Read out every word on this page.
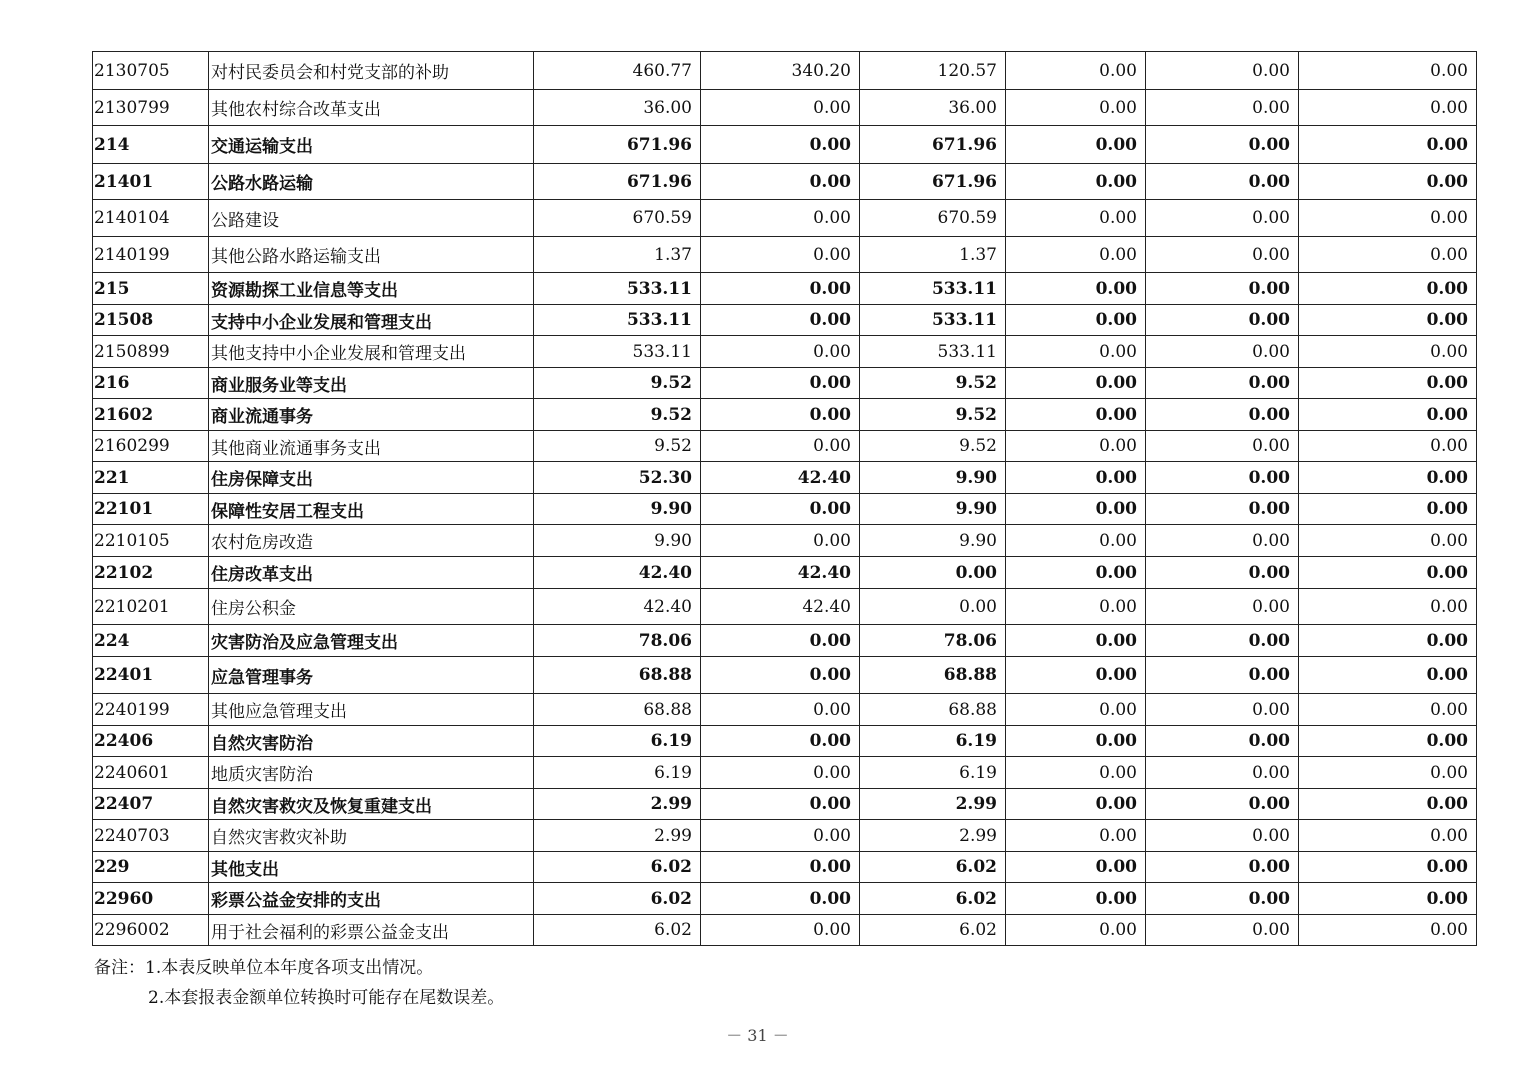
2130705	对村民委员会和村党支部的补助	460.77	340.20	120.57	0.00	0.00	0.00
2130799	其他农村综合改革支出	36.00	0.00	36.00	0.00	0.00	0.00
214	交通运输支出	671.96	0.00	671.96	0.00	0.00	0.00
21401	公路水路运输	671.96	0.00	671.96	0.00	0.00	0.00
2140104	公路建设	670.59	0.00	670.59	0.00	0.00	0.00
2140199	其他公路水路运输支出	1.37	0.00	1.37	0.00	0.00	0.00
215	资源勘探工业信息等支出	533.11	0.00	533.11	0.00	0.00	0.00
21508	支持中小企业发展和管理支出	533.11	0.00	533.11	0.00	0.00	0.00
2150899	其他支持中小企业发展和管理支出	533.11	0.00	533.11	0.00	0.00	0.00
216	商业服务业等支出	9.52	0.00	9.52	0.00	0.00	0.00
21602	商业流通事务	9.52	0.00	9.52	0.00	0.00	0.00
2160299	其他商业流通事务支出	9.52	0.00	9.52	0.00	0.00	0.00
221	住房保障支出	52.30	42.40	9.90	0.00	0.00	0.00
22101	保障性安居工程支出	9.90	0.00	9.90	0.00	0.00	0.00
2210105	农村危房改造	9.90	0.00	9.90	0.00	0.00	0.00
22102	住房改革支出	42.40	42.40	0.00	0.00	0.00	0.00
2210201	住房公积金	42.40	42.40	0.00	0.00	0.00	0.00
224	灾害防治及应急管理支出	78.06	0.00	78.06	0.00	0.00	0.00
22401	应急管理事务	68.88	0.00	68.88	0.00	0.00	0.00
2240199	其他应急管理支出	68.88	0.00	68.88	0.00	0.00	0.00
22406	自然灾害防治	6.19	0.00	6.19	0.00	0.00	0.00
2240601	地质灾害防治	6.19	0.00	6.19	0.00	0.00	0.00
22407	自然灾害救灾及恢复重建支出	2.99	0.00	2.99	0.00	0.00	0.00
2240703	自然灾害救灾补助	2.99	0.00	2.99	0.00	0.00	0.00
229	其他支出	6.02	0.00	6.02	0.00	0.00	0.00
22960	彩票公益金安排的支出	6.02	0.00	6.02	0.00	0.00	0.00
2296002	用于社会福利的彩票公益金支出	6.02	0.00	6.02	0.00	0.00	0.00
备注：1.本表反映单位本年度各项支出情况。
2.本套报表金额单位转换时可能存在尾数误差。
－ 31 －
